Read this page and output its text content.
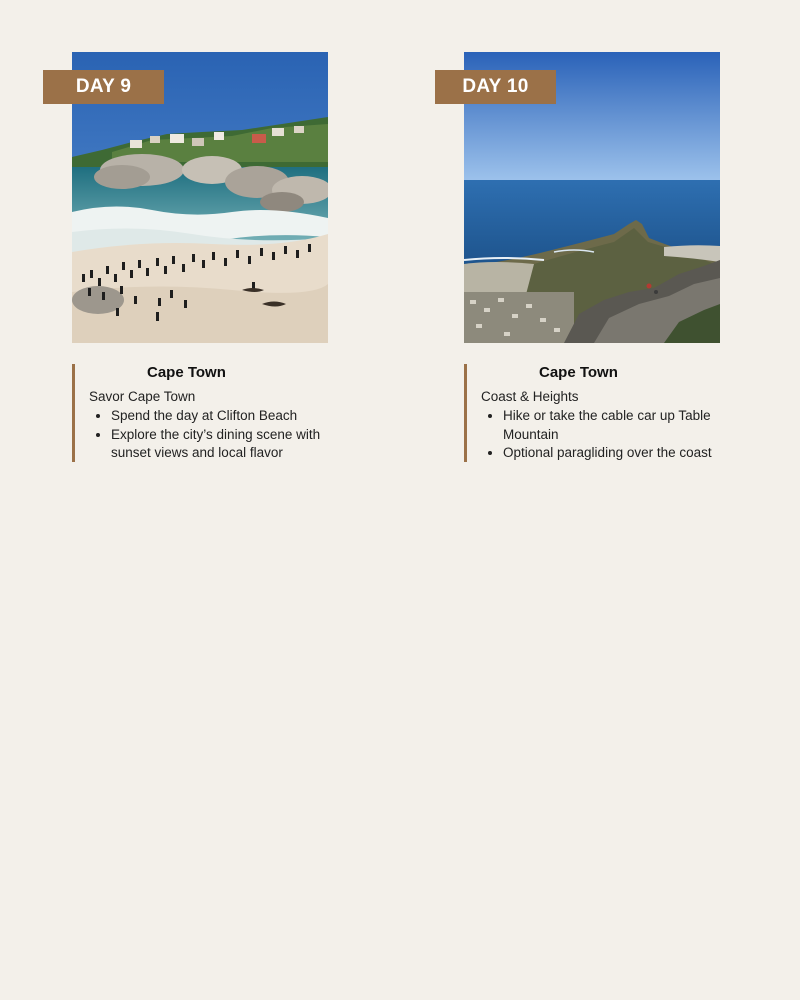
DAY 9

Cape Town

Savor Cape Town

• Spend the day at Clifton Beach
• Explore the city’s dining scene with sunset views and local flavor
DAY 10

Cape Town

Coast & Heights

• Hike or take the cable car up Table Mountain
• Optional paragliding over the coast
